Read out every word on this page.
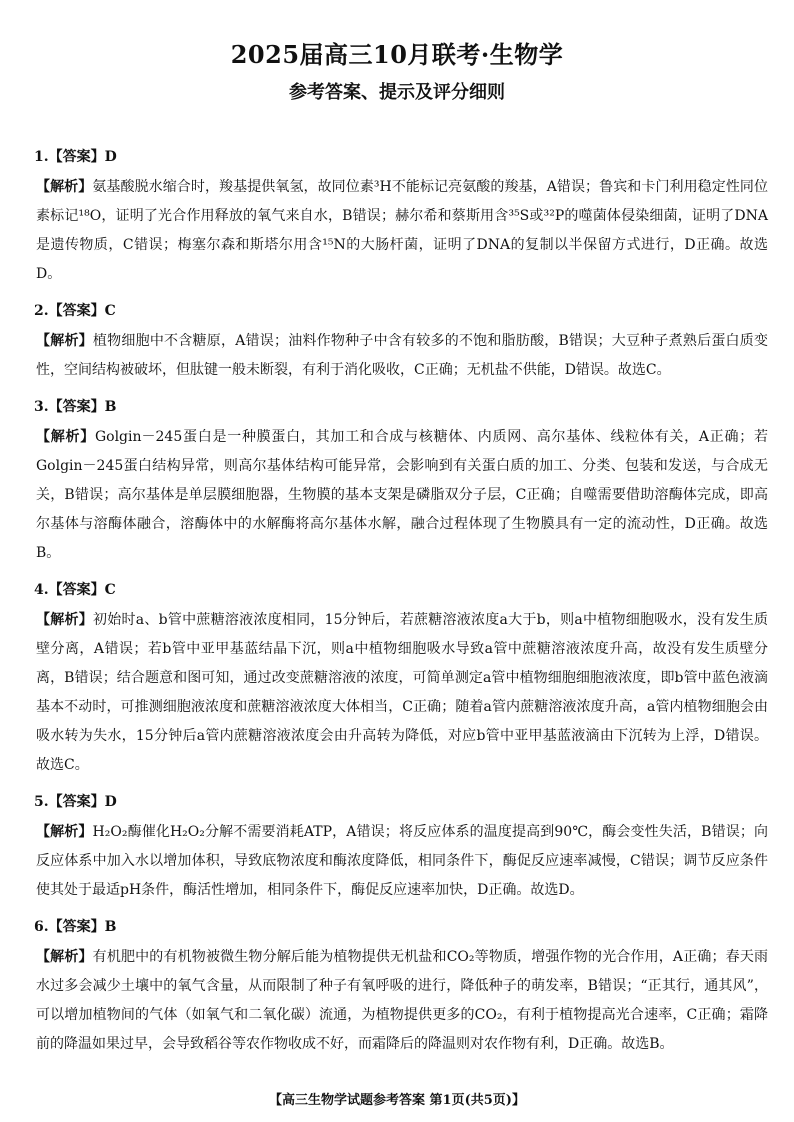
2025届高三10月联考·生物学
参考答案、提示及评分细则
1.【答案】D
【解析】氨基酸脱水缩合时，羧基提供氧氢，故同位素³H不能标记亮氨酸的羧基，A错误；鲁宾和卡门利用稳定性同位素标记¹⁸O，证明了光合作用释放的氧气来自水，B错误；赫尔希和蔡斯用含³⁵S或³²P的噬菌体侵染细菌，证明了DNA是遗传物质，C错误；梅塞尔森和斯塔尔用含¹⁵N的大肠杆菌，证明了DNA的复制以半保留方式进行，D正确。故选D。
2.【答案】C
【解析】植物细胞中不含糖原，A错误；油料作物种子中含有较多的不饱和脂肪酸，B错误；大豆种子煮熟后蛋白质变性，空间结构被破坏，但肽键一般未断裂，有利于消化吸收，C正确；无机盐不供能，D错误。故选C。
3.【答案】B
【解析】Golgin－245蛋白是一种膜蛋白，其加工和合成与核糖体、内质网、高尔基体、线粒体有关，A正确；若Golgin－245蛋白结构异常，则高尔基体结构可能异常，会影响到有关蛋白质的加工、分类、包装和发送，与合成无关，B错误；高尔基体是单层膜细胞器，生物膜的基本支架是磷脂双分子层，C正确；自噬需要借助溶酶体完成，即高尔基体与溶酶体融合，溶酶体中的水解酶将高尔基体水解，融合过程体现了生物膜具有一定的流动性，D正确。故选B。
4.【答案】C
【解析】初始时a、b管中蔗糖溶液浓度相同，15分钟后，若蔗糖溶液浓度a大于b，则a中植物细胞吸水，没有发生质壁分离，A错误；若b管中亚甲基蓝结晶下沉，则a中植物细胞吸水导致a管中蔗糖溶液浓度升高，故没有发生质壁分离，B错误；结合题意和图可知，通过改变蔗糖溶液的浓度，可简单测定a管中植物细胞细胞液浓度，即b管中蓝色液滴基本不动时，可推测细胞液浓度和蔗糖溶液浓度大体相当，C正确；随着a管内蔗糖溶液浓度升高，a管内植物细胞会由吸水转为失水，15分钟后a管内蔗糖溶液浓度会由升高转为降低，对应b管中亚甲基蓝液滴由下沉转为上浮，D错误。故选C。
5.【答案】D
【解析】H₂O₂酶催化H₂O₂分解不需要消耗ATP，A错误；将反应体系的温度提高到90℃，酶会变性失活，B错误；向反应体系中加入水以增加体积，导致底物浓度和酶浓度降低，相同条件下，酶促反应速率减慢，C错误；调节反应条件使其处于最适pH条件，酶活性增加，相同条件下，酶促反应速率加快，D正确。故选D。
6.【答案】B
【解析】有机肥中的有机物被微生物分解后能为植物提供无机盐和CO₂等物质，增强作物的光合作用，A正确；春天雨水过多会减少土壤中的氧气含量，从而限制了种子有氧呼吸的进行，降低种子的萌发率，B错误；“正其行，通其风”，可以增加植物间的气体（如氧气和二氧化碳）流通，为植物提供更多的CO₂，有利于植物提高光合速率，C正确；霜降前的降温如果过早，会导致稻谷等农作物收成不好，而霜降后的降温则对农作物有利，D正确。故选B。
【高三生物学试题参考答案 第1页(共5页)】
